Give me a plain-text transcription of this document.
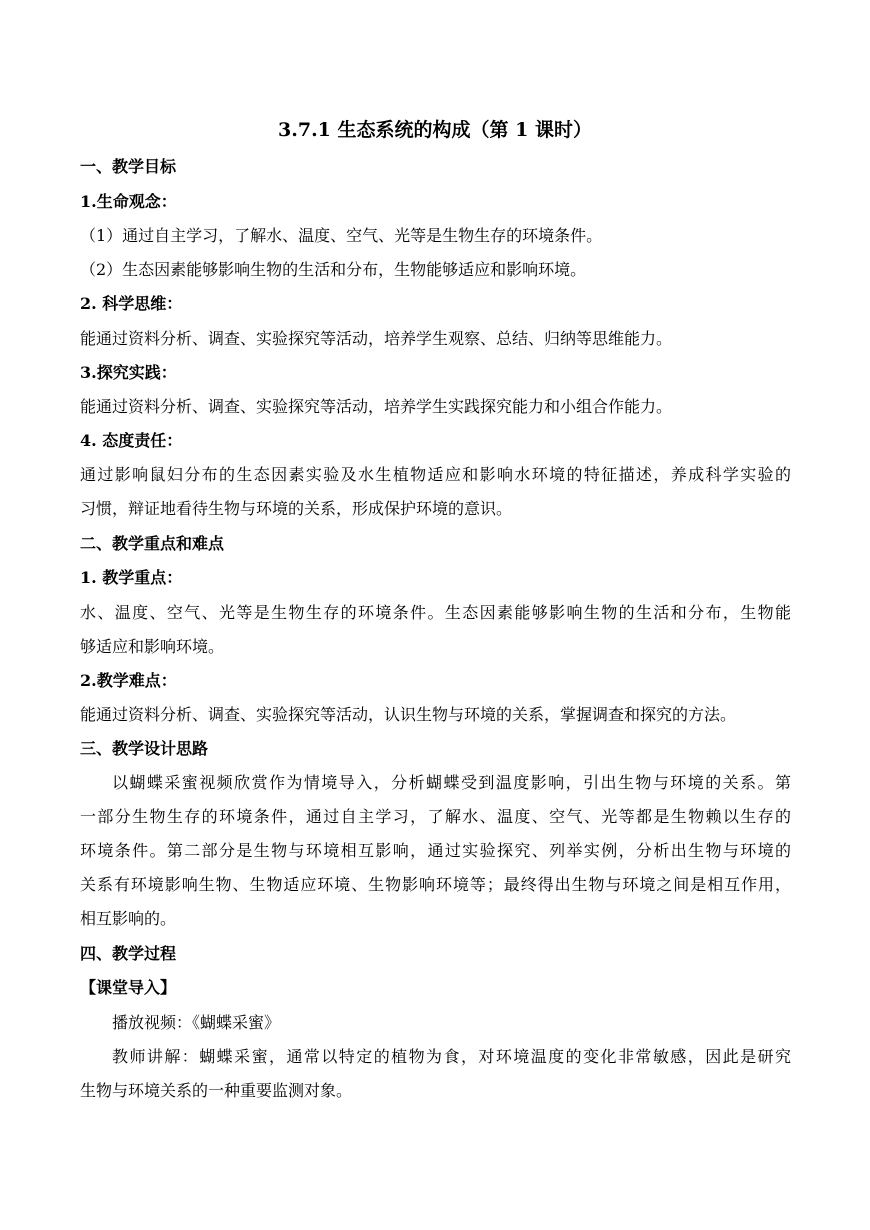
3.7.1 生态系统的构成（第 1 课时）
一、教学目标
1.生命观念：
（1）通过自主学习，了解水、温度、空气、光等是生物生存的环境条件。
（2）生态因素能够影响生物的生活和分布，生物能够适应和影响环境。
2. 科学思维：
能通过资料分析、调查、实验探究等活动，培养学生观察、总结、归纳等思维能力。
3.探究实践：
能通过资料分析、调查、实验探究等活动，培养学生实践探究能力和小组合作能力。
4. 态度责任：
通过影响鼠妇分布的生态因素实验及水生植物适应和影响水环境的特征描述，养成科学实验的
习惯，辩证地看待生物与环境的关系，形成保护环境的意识。
二、教学重点和难点
1. 教学重点：
水、温度、空气、光等是生物生存的环境条件。生态因素能够影响生物的生活和分布，生物能
够适应和影响环境。
2.教学难点：
能通过资料分析、调查、实验探究等活动，认识生物与环境的关系，掌握调查和探究的方法。
三、教学设计思路
以蝴蝶采蜜视频欣赏作为情境导入，分析蝴蝶受到温度影响，引出生物与环境的关系。第
一部分生物生存的环境条件，通过自主学习，了解水、温度、空气、光等都是生物赖以生存的
环境条件。第二部分是生物与环境相互影响，通过实验探究、列举实例，分析出生物与环境的
关系有环境影响生物、生物适应环境、生物影响环境等；最终得出生物与环境之间是相互作用，
相互影响的。
四、教学过程
【课堂导入】
播放视频：《蝴蝶采蜜》
教师讲解：蝴蝶采蜜，通常以特定的植物为食，对环境温度的变化非常敏感，因此是研究
生物与环境关系的一种重要监测对象。
